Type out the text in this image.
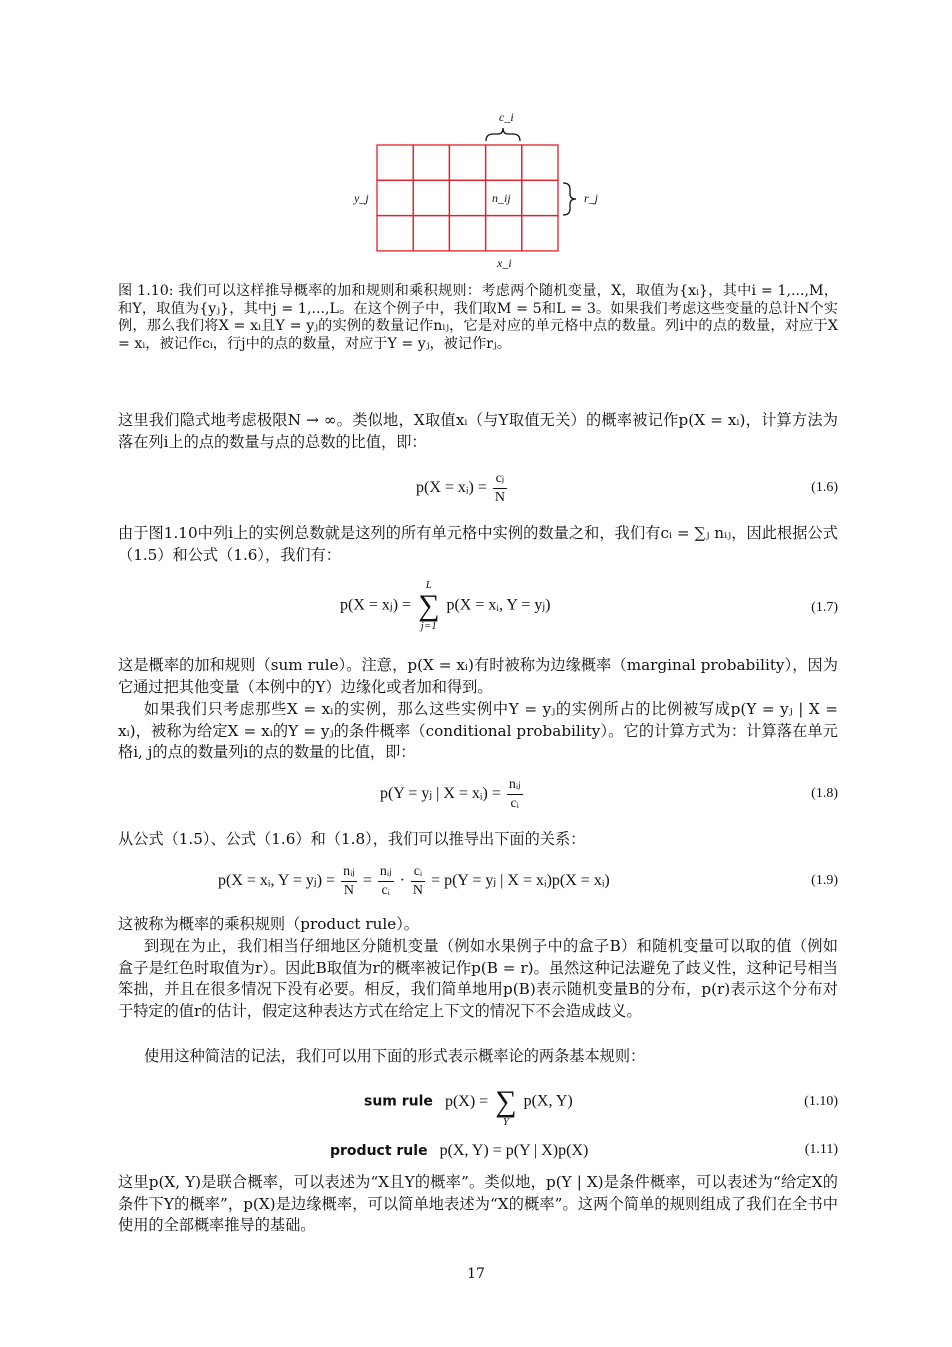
c_i
y_j	r_j
x_i
n_ij
图 1.10: 我们可以这样推导概率的加和规则和乘积规则：考虑两个随机变量，X，取值为{xᵢ}，其中i = 1,...,M，和Y，取值为{yⱼ}，其中j = 1,...,L。在这个例子中，我们取M = 5和L = 3。如果我们考虑这些变量的总计N个实例，那么我们将X = xᵢ且Y = yⱼ的实例的数量记作nᵢⱼ，它是对应的单元格中点的数量。列i中的点的数量，对应于X = xᵢ，被记作cᵢ，行j中的点的数量，对应于Y = yⱼ，被记作rⱼ。
这里我们隐式地考虑极限N → ∞。类似地，X取值xᵢ（与Y取值无关）的概率被记作p(X = xᵢ)，计算方法为落在列i上的点的数量与点的总数的比值，即：
p(X = xᵢ) = $\frac{\text{cⱼ}}{N}$	(1.6)
由于图1.10中列i上的实例总数就是这列的所有单元格中实例的数量之和，我们有cᵢ = ∑ⱼ nᵢⱼ，因此根据公式（1.5）和公式（1.6），我们有：
p(X = xⱼ) =
L
∑
j=1
p(X = xᵢ, Y = yⱼ)	(1.7)
这是概率的加和规则（sum rule）。注意，p(X = xᵢ)有时被称为边缘概率（marginal probability），因为它通过把其他变量（本例中的Y）边缘化或者加和得到。
如果我们只考虑那些X = xᵢ的实例，那么这些实例中Y = yⱼ的实例所占的比例被写成p(Y = yⱼ | X = xᵢ)，被称为给定X = xᵢ的Y = yⱼ的条件概率（conditional probability）。它的计算方式为：计算落在单元格i, j的点的数量列i的点的数量的比值，即：
p(Y = yⱼ | X = xᵢ) = $\frac{\text{nᵢⱼ}}{\text{cᵢ}}$	(1.8)
从公式（1.5）、公式（1.6）和（1.8），我们可以推导出下面的关系：
p(X = xᵢ, Y = yⱼ) = $\frac{\text{nᵢⱼ}}{N} = \frac{\text{nᵢⱼ}}{\text{cᵢ}} \cdot \frac{\text{cᵢ}}{N} = p(Y$ = yⱼ | X = xᵢ)p(X = xᵢ)	(1.9)
这被称为概率的乘积规则（product rule）。
到现在为止，我们相当仔细地区分随机变量（例如水果例子中的盒子B）和随机变量可以取的值（例如盒子是红色时取值为r）。因此B取值为r的概率被记作p(B = r)。虽然这种记法避免了歧义性，这种记号相当笨拙，并且在很多情况下没有必要。相反，我们简单地用p(B)表示随机变量B的分布，p(r)表示这个分布对于特定的值r的估计，假定这种表达方式在给定上下文的情况下不会造成歧义。
使用这种简洁的记法，我们可以用下面的形式表示概率论的两条基本规则：
sum rule p(X) =
∑
Y
p(X, Y)	(1.10)
product rule p(X, Y) = p(Y | X)p(X)	(1.11)
这里p(X, Y)是联合概率，可以表述为“X且Y的概率”。类似地，p(Y | X)是条件概率，可以表述为“给定X的条件下Y的概率”，p(X)是边缘概率，可以简单地表述为“X的概率”。这两个简单的规则组成了我们在全书中使用的全部概率推导的基础。
17
